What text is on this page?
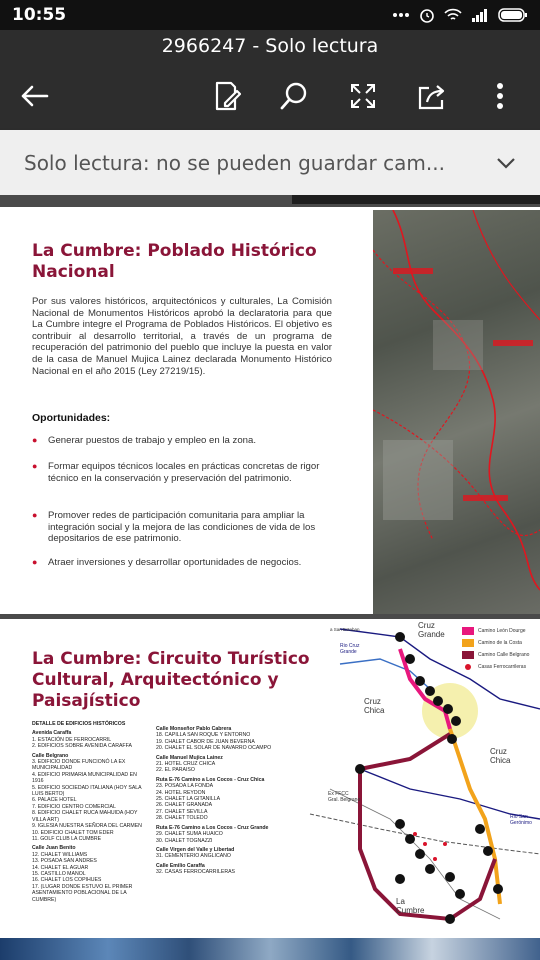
10:55
2966247 - Solo lectura
Solo lectura: no se pueden guardar cam...
La Cumbre: Poblado Histórico
Nacional
Por sus valores históricos, arquitectónicos y culturales, La Comisión Nacional de Monumentos Históricos aprobó la declaratoria para que La Cumbre integre el Programa de Poblados Históricos. El objetivo es contribuir al desarrollo territorial, a través de un programa de recuperación del patrimonio del pueblo que incluye la puesta en valor de la casa de Manuel Mujica Lainez declarada Monumento Histórico Nacional en el año 2015 (Ley 27219/15).
Oportunidades:
●	Generar puestos de trabajo y empleo en la zona.
●	Formar equipos técnicos locales en prácticas concretas de rigor técnico en la conservación y preservación del patrimonio.
●	Promover redes de participación comunitaria para ampliar la integración social y la mejora de las condiciones de vida de los depositarios de ese patrimonio.
●	Atraer inversiones y desarrollar oportunidades de negocios.
La Cumbre: Circuito Turístico
Cultural, Arquitectónico y
Paisajístico
DETALLE DE EDIFICIOS HISTÓRICOS
Avenida Caraffa
1. ESTACIÓN DE FERROCARRIL
2. EDIFICIOS SOBRE AVENIDA CARAFFA
Calle Belgrano
3. EDIFICIO DONDE FUNCIONÓ LA EX MUNICIPALIDAD
4. EDIFICIO PRIMARIA MUNICIPALIDAD EN 1916
5. EDIFICIO SOCIEDAD ITALIANA (HOY SALA LUIS BERTO)
6. PALACE HOTEL
7. EDIFICIO CENTRO COMERCIAL
8. EDIFICIO CHALET RUCA MAHUIDA (HOY VILLA ART)
9. IGLESIA NUESTRA SEÑORA DEL CARMEN
10. EDIFICIO CHALET TOM EDER
11. GOLF CLUB LA CUMBRE
Calle Juan Benito
12. CHALET WILLIAMS
13. POSADA SAN ANDRES
14. CHALET EL AGUAR
15. CASTILLO MANOL
16. CHALET LOS COPIHUES
17. (LUGAR DONDE ESTUVO EL PRIMER ASENTAMIENTO POBLACIONAL DE LA CUMBRE)
Calle Monseñor Pablo Cabrera
18. CAPILLA SAN ROQUE Y ENTORNO
19. CHALET CABOR DE JUAN BEVERNA
20. CHALET EL SOLAR DE NAVARRO OCAMPO
Calle Manuel Mujica Lainez
21. HOTEL CRUZ CHICA
22. EL PARAISO
Ruta E-76 Camino a Los Cocos - Cruz Chica
23. POSADA LA FONDA
24. HOTEL REYDON
25. CHALET LA GITANILLA
26. CHALET GRANADA
27. CHALET SEVILLA
28. CHALET TOLEDO
Ruta E-76 Camino a Los Cocos - Cruz Grande
29. CHALET SUMA HUAICO
30. CHALET TOGNAZZI
Calle Virgen del Valle y Libertad
31. CEMENTERIO ANGLICANO
Calle Emilio Caraffa
32. CASAS FERROCARRILERAS
Cruz
Grande
Cruz
Chica
Cruz
Chica
La
Cumbre
Rio Cruz
Grande
Rio San
Gerónimo
Ex FFCC
Gral. Belgrano
a San Esteban	Camino León Dourge
Camino de la Costa
Camino Calle Belgrano
Casas Ferrocarrileras
